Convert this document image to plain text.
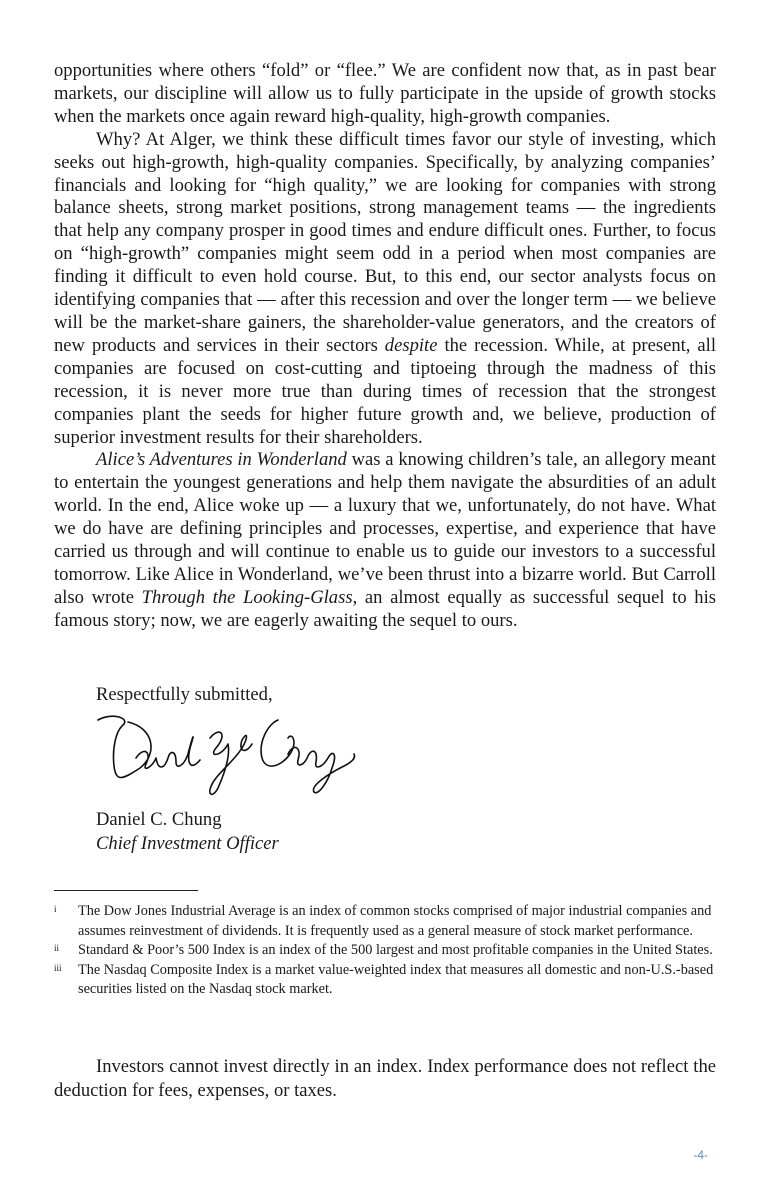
opportunities where others “fold” or “flee.” We are confident now that, as in past bear markets, our discipline will allow us to fully participate in the upside of growth stocks when the markets once again reward high-quality, high-growth companies.

Why? At Alger, we think these difficult times favor our style of investing, which seeks out high-growth, high-quality companies. Specifically, by analyzing companies’ financials and looking for “high quality,” we are looking for companies with strong balance sheets, strong market positions, strong management teams — the ingredients that help any company prosper in good times and endure difficult ones. Further, to focus on “high-growth” companies might seem odd in a period when most companies are finding it difficult to even hold course. But, to this end, our sector analysts focus on identifying companies that — after this recession and over the longer term — we believe will be the market-share gainers, the shareholder-value generators, and the creators of new products and services in their sectors despite the recession. While, at present, all companies are focused on cost-cutting and tiptoeing through the madness of this recession, it is never more true than during times of recession that the strongest companies plant the seeds for higher future growth and, we believe, production of superior investment results for their shareholders.

Alice’s Adventures in Wonderland was a knowing children’s tale, an allegory meant to entertain the youngest generations and help them navigate the absurdities of an adult world. In the end, Alice woke up — a luxury that we, unfortunately, do not have. What we do have are defining principles and processes, expertise, and experience that have carried us through and will continue to enable us to guide our investors to a successful tomorrow. Like Alice in Wonderland, we’ve been thrust into a bizarre world. But Carroll also wrote Through the Looking-Glass, an almost equally as successful sequel to his famous story; now, we are eagerly awaiting the sequel to ours.

Respectfully submitted,
Daniel C. Chung
Chief Investment Officer
i	The Dow Jones Industrial Average is an index of common stocks comprised of major industrial companies and assumes reinvestment of dividends. It is frequently used as a general measure of stock market performance.
ii	Standard & Poor’s 500 Index is an index of the 500 largest and most profitable companies in the United States.
iii	The Nasdaq Composite Index is a market value-weighted index that measures all domestic and non-U.S.-based securities listed on the Nasdaq stock market.
Investors cannot invest directly in an index. Index performance does not reflect the deduction for fees, expenses, or taxes.
-4-
